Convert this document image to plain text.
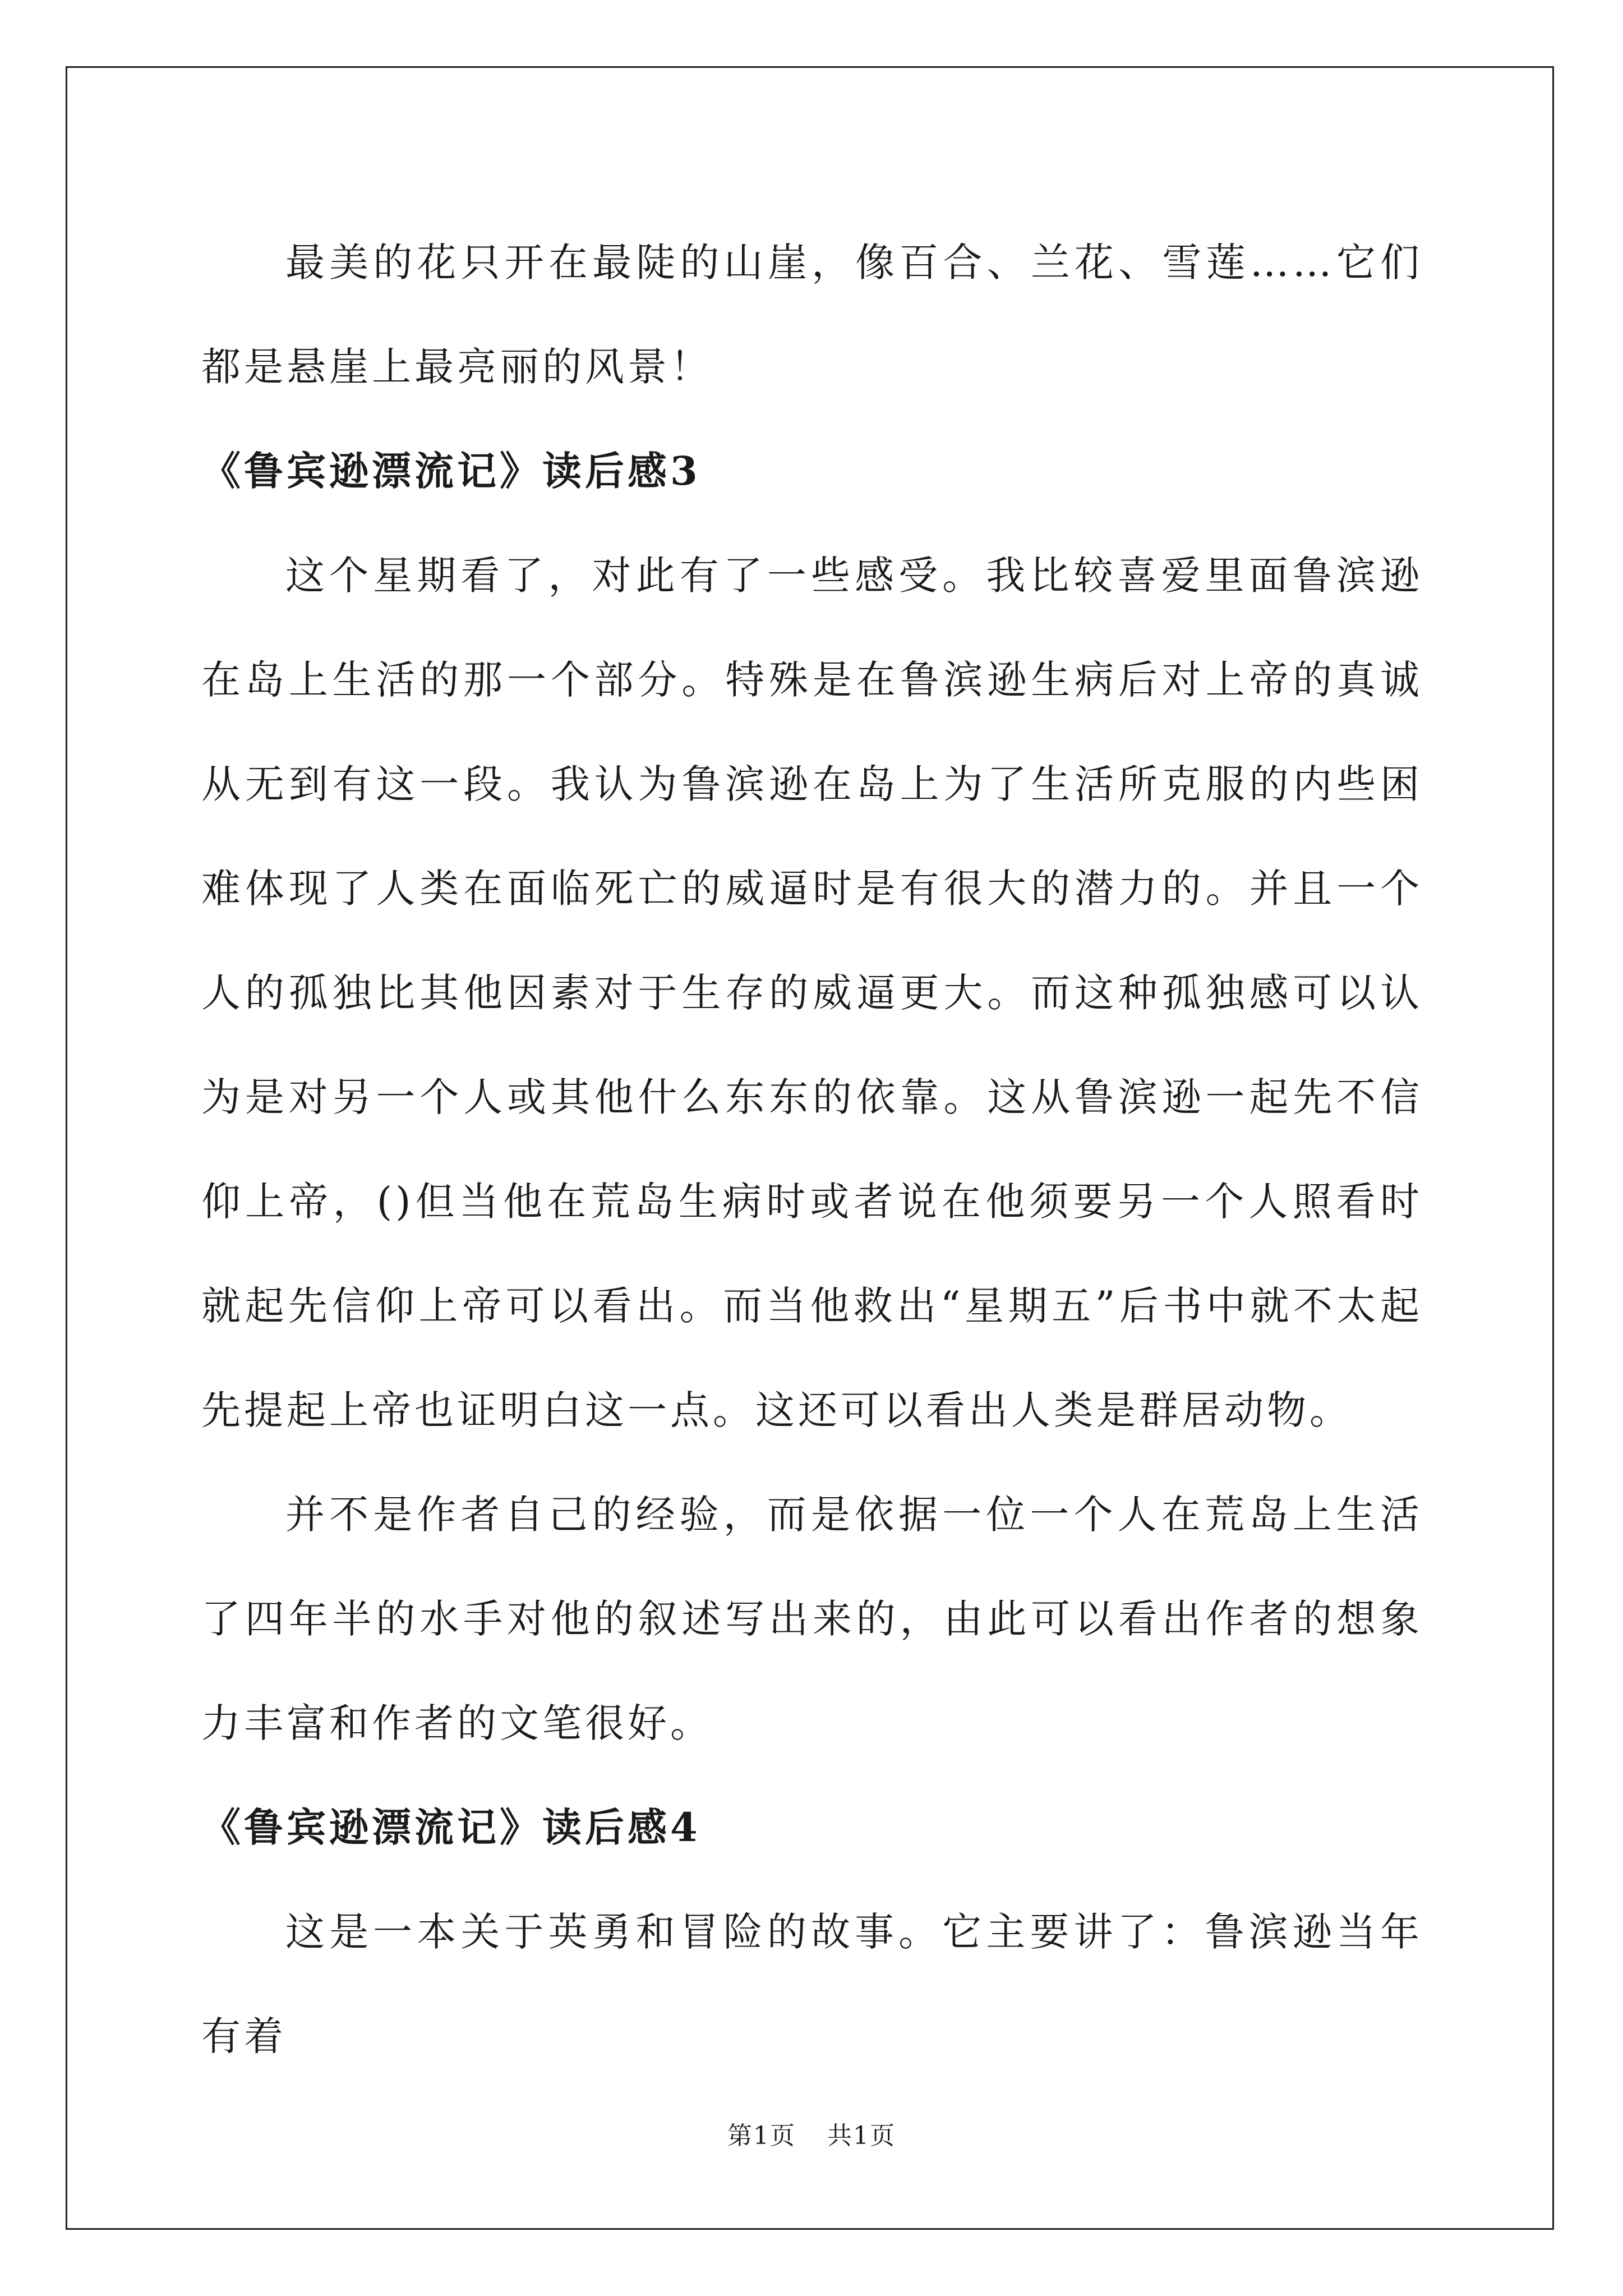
最美的花只开在最陡的山崖，像百合、兰花、雪莲……它们都是悬崖上最亮丽的风景！

《鲁宾逊漂流记》读后感3

这个星期看了，对此有了一些感受。我比较喜爱里面鲁滨逊在岛上生活的那一个部分。特殊是在鲁滨逊生病后对上帝的真诚从无到有这一段。我认为鲁滨逊在岛上为了生活所克服的内些困难体现了人类在面临死亡的威逼时是有很大的潜力的。并且一个人的孤独比其他因素对于生存的威逼更大。而这种孤独感可以认为是对另一个人或其他什么东东的依靠。这从鲁滨逊一起先不信仰上帝，()但当他在荒岛生病时或者说在他须要另一个人照看时就起先信仰上帝可以看出。而当他救出“星期五”后书中就不太起先提起上帝也证明白这一点。这还可以看出人类是群居动物。

并不是作者自己的经验，而是依据一位一个人在荒岛上生活了四年半的水手对他的叙述写出来的，由此可以看出作者的想象力丰富和作者的文笔很好。

《鲁宾逊漂流记》读后感4

这是一本关于英勇和冒险的故事。它主要讲了：鲁滨逊当年有着

第1页 共1页
